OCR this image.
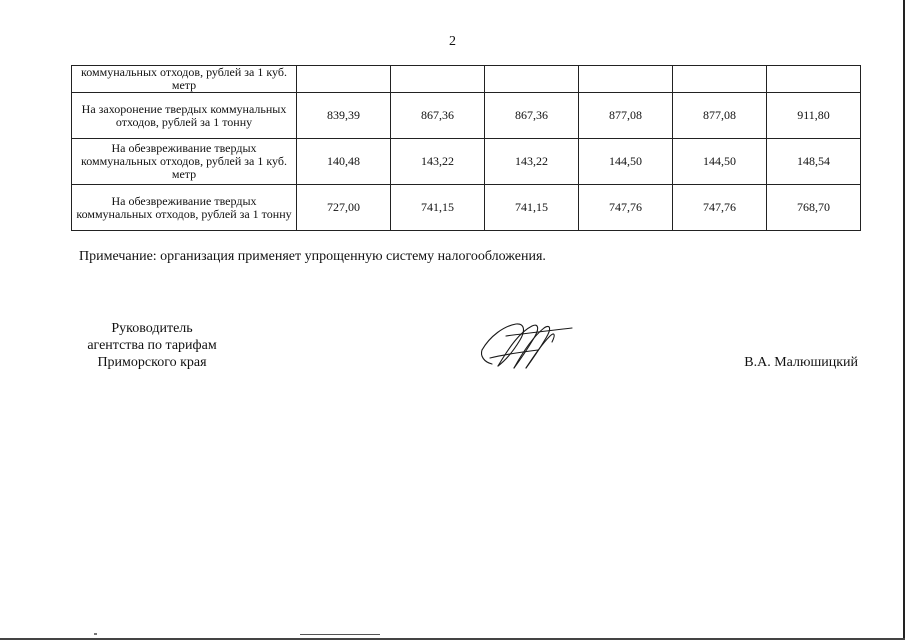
2
коммунальных отходов, рублей за 1 куб. метр						
На захоронение твердых коммунальных отходов, рублей за 1 тонну	839,39	867,36	867,36	877,08	877,08	911,80
На обезвреживание твердых коммунальных отходов, рублей за 1 куб. метр	140,48	143,22	143,22	144,50	144,50	148,54
На обезвреживание твердых коммунальных отходов, рублей за 1 тонну	727,00	741,15	741,15	747,76	747,76	768,70
Примечание: организация применяет упрощенную систему налогообложения.
Руководитель
агентства по тарифам
Приморского края	В.А. Малюшицкий
